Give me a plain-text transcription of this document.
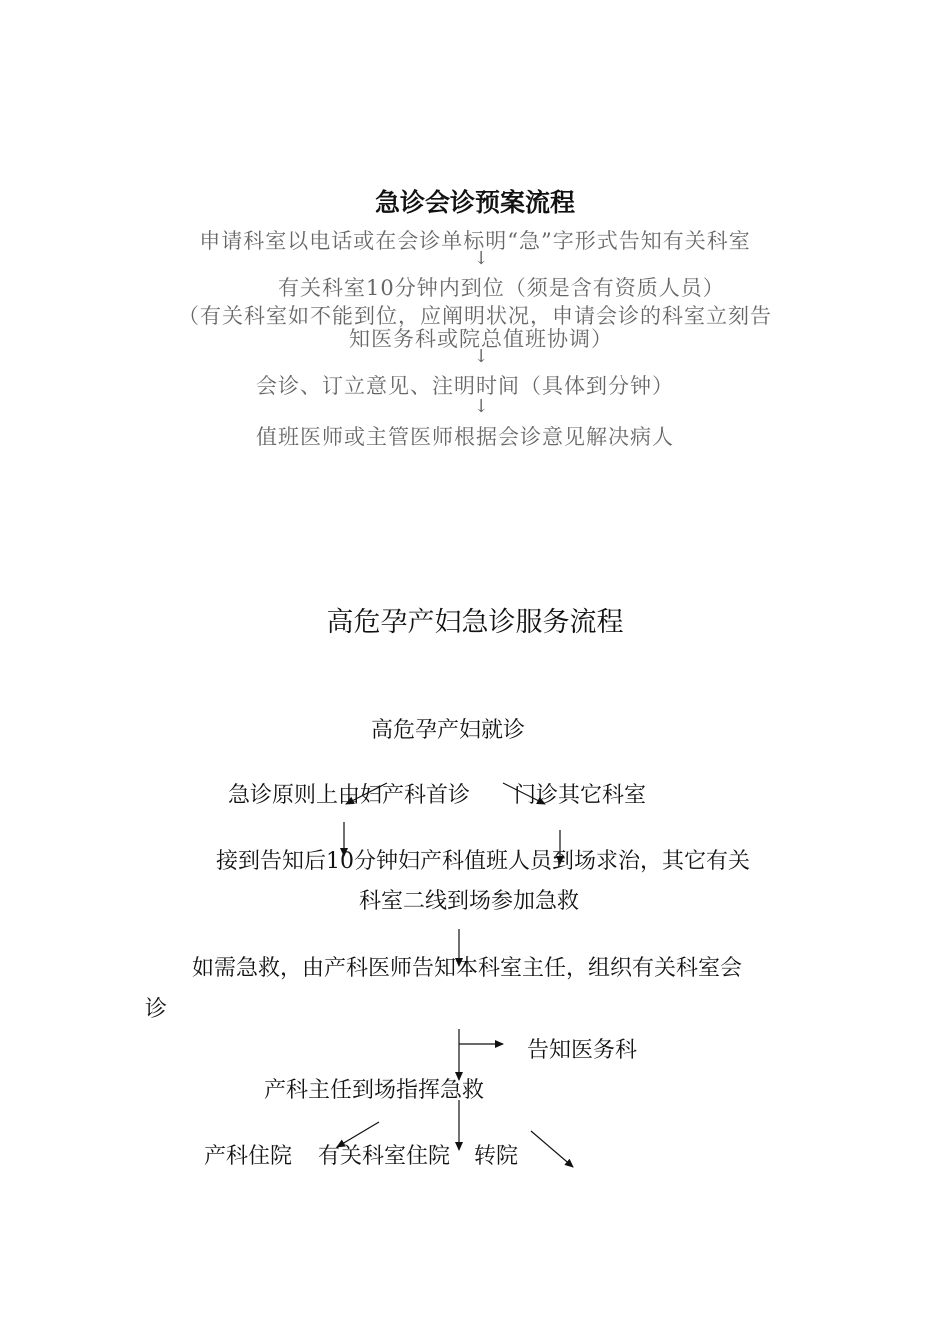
急诊会诊预案流程
申请科室以电话或在会诊单标明“急”字形式告知有关科室
↓
有关科室10分钟内到位（须是含有资质人员）
（有关科室如不能到位，应阐明状况，申请会诊的科室立刻告
知医务科或院总值班协调）
↓
会诊、订立意见、注明时间（具体到分钟）
↓
值班医师或主管医师根据会诊意见解决病人
高危孕产妇急诊服务流程
高危孕产妇就诊
急诊原则上由妇产科首诊 门诊其它科室
接到告知后10分钟妇产科值班人员到场求治，其它有关
科室二线到场参加急救
如需急救，由产科医师告知本科室主任，组织有关科室会
诊
告知医务科
产科主任到场指挥急救
产科住院 有关科室住院 转院
